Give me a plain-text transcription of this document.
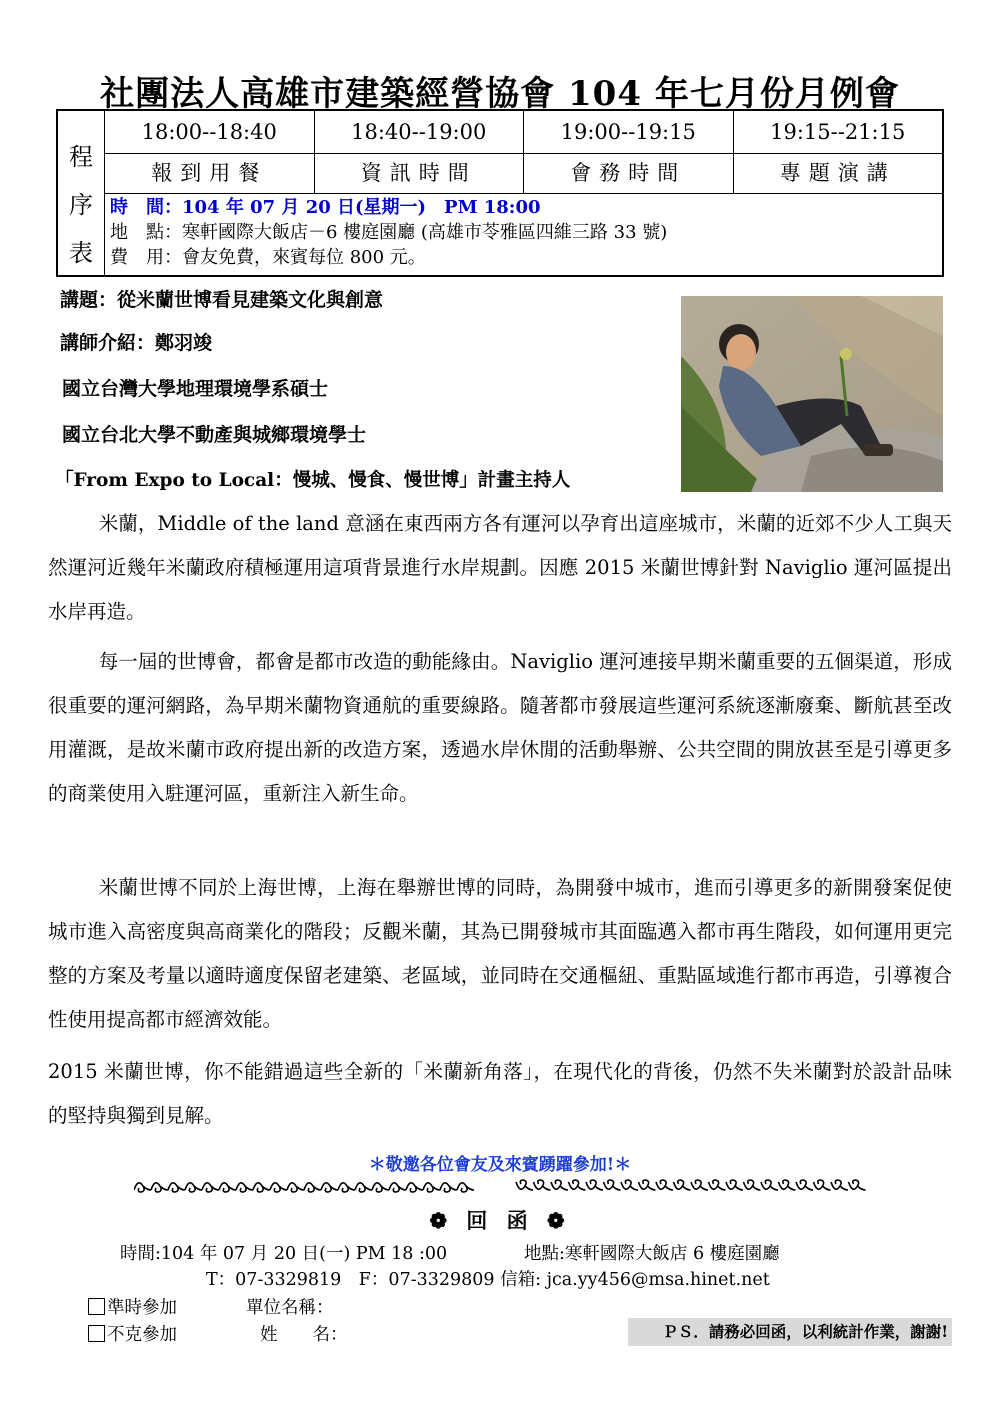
社團法人高雄市建築經營協會 104 年七月份月例會
程
序
表
18:00--18:40	18:40--19:00	19:00--19:15	19:15--21:15
報到用餐	資訊時間	會務時間	專題演講
時　間：104 年 07 月 20 日(星期一)　PM 18:00
地　點：寒軒國際大飯店－6 樓庭園廳 (高雄市苓雅區四維三路 33 號)
費　用：會友免費，來賓每位 800 元。
講題：從米蘭世博看見建築文化與創意
講師介紹：鄭羽竣
國立台灣大學地理環境學系碩士
國立台北大學不動產與城鄉環境學士
「From Expo to Local：慢城、慢食、慢世博」計畫主持人
米蘭，Middle of the land 意涵在東西兩方各有運河以孕育出這座城市，米蘭的近郊不少人工與天然運河近幾年米蘭政府積極運用這項背景進行水岸規劃。因應 2015 米蘭世博針對 Naviglio 運河區提出水岸再造。
每一屆的世博會，都會是都市改造的動能緣由。Naviglio 運河連接早期米蘭重要的五個渠道，形成很重要的運河網路，為早期米蘭物資通航的重要線路。隨著都市發展這些運河系統逐漸廢棄、斷航甚至改用灌溉，是故米蘭市政府提出新的改造方案，透過水岸休閒的活動舉辦、公共空間的開放甚至是引導更多的商業使用入駐運河區，重新注入新生命。
米蘭世博不同於上海世博，上海在舉辦世博的同時，為開發中城市，進而引導更多的新開發案促使城市進入高密度與高商業化的階段；反觀米蘭，其為已開發城市其面臨邁入都市再生階段，如何運用更完整的方案及考量以適時適度保留老建築、老區域，並同時在交通樞紐、重點區域進行都市再造，引導複合性使用提高都市經濟效能。
2015 米蘭世博，你不能錯過這些全新的「米蘭新角落」，在現代化的背後，仍然不失米蘭對於設計品味的堅持與獨到見解。
＊敬邀各位會友及來賓踴躍參加!＊
❁ 回 函 ❁
時間:104 年 07 月 20 日(一) PM 18 :00	地點:寒軒國際大飯店 6 樓庭園廳
T：07-3329819　F：07-3329809 信箱: jca.yy456@msa.hinet.net
準時參加	單位名稱：
不克參加	姓　　名：	ＰＳ．請務必回函，以利統計作業，謝謝!
